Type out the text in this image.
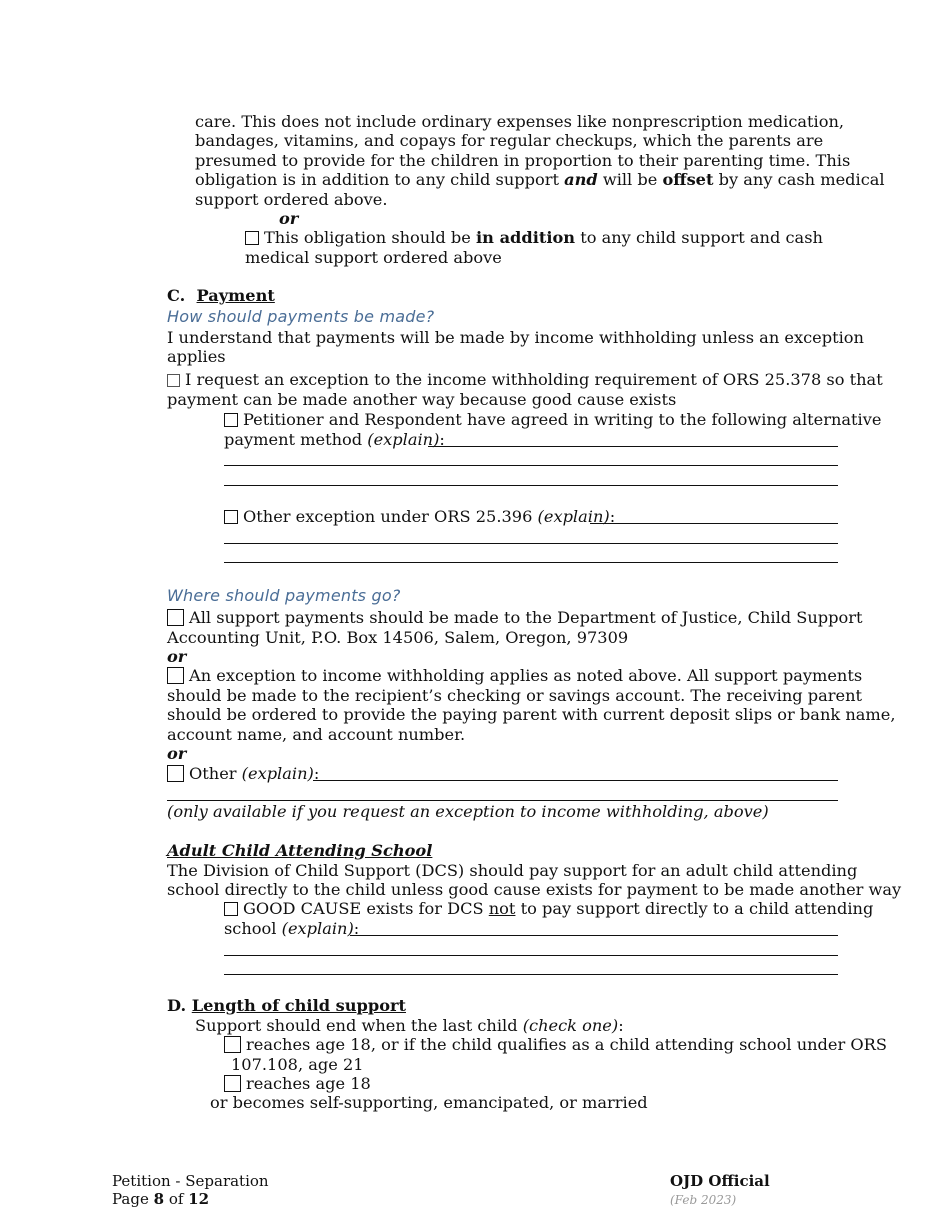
care. This does not include ordinary expenses like nonprescription medication,
bandages, vitamins, and copays for regular checkups, which the parents are
presumed to provide for the children in proportion to their parenting time. This
obligation is in addition to any child support and will be offset by any cash medical
support ordered above.
or
This obligation should be in addition to any child support and cash
medical support ordered above
C. Payment
How should payments be made?
I understand that payments will be made by income withholding unless an exception
applies
I request an exception to the income withholding requirement of ORS 25.378 so that
payment can be made another way because good cause exists
Petitioner and Respondent have agreed in writing to the following alternative
payment method (explain):
Other exception under ORS 25.396 (explain):
Where should payments go?
All support payments should be made to the Department of Justice, Child Support
Accounting Unit, P.O. Box 14506, Salem, Oregon, 97309
or
An exception to income withholding applies as noted above. All support payments
should be made to the recipient’s checking or savings account. The receiving parent
should be ordered to provide the paying parent with current deposit slips or bank name,
account name, and account number.
or
Other (explain):
(only available if you request an exception to income withholding, above)
Adult Child Attending School
The Division of Child Support (DCS) should pay support for an adult child attending
school directly to the child unless good cause exists for payment to be made another way
GOOD CAUSE exists for DCS not to pay support directly to a child attending
school (explain):
D. Length of child support
Support should end when the last child (check one):
reaches age 18, or if the child qualifies as a child attending school under ORS
107.108, age 21
reaches age 18
or becomes self-supporting, emancipated, or married
Petition - Separation
Page 8 of 12
OJD Official
(Feb 2023)
